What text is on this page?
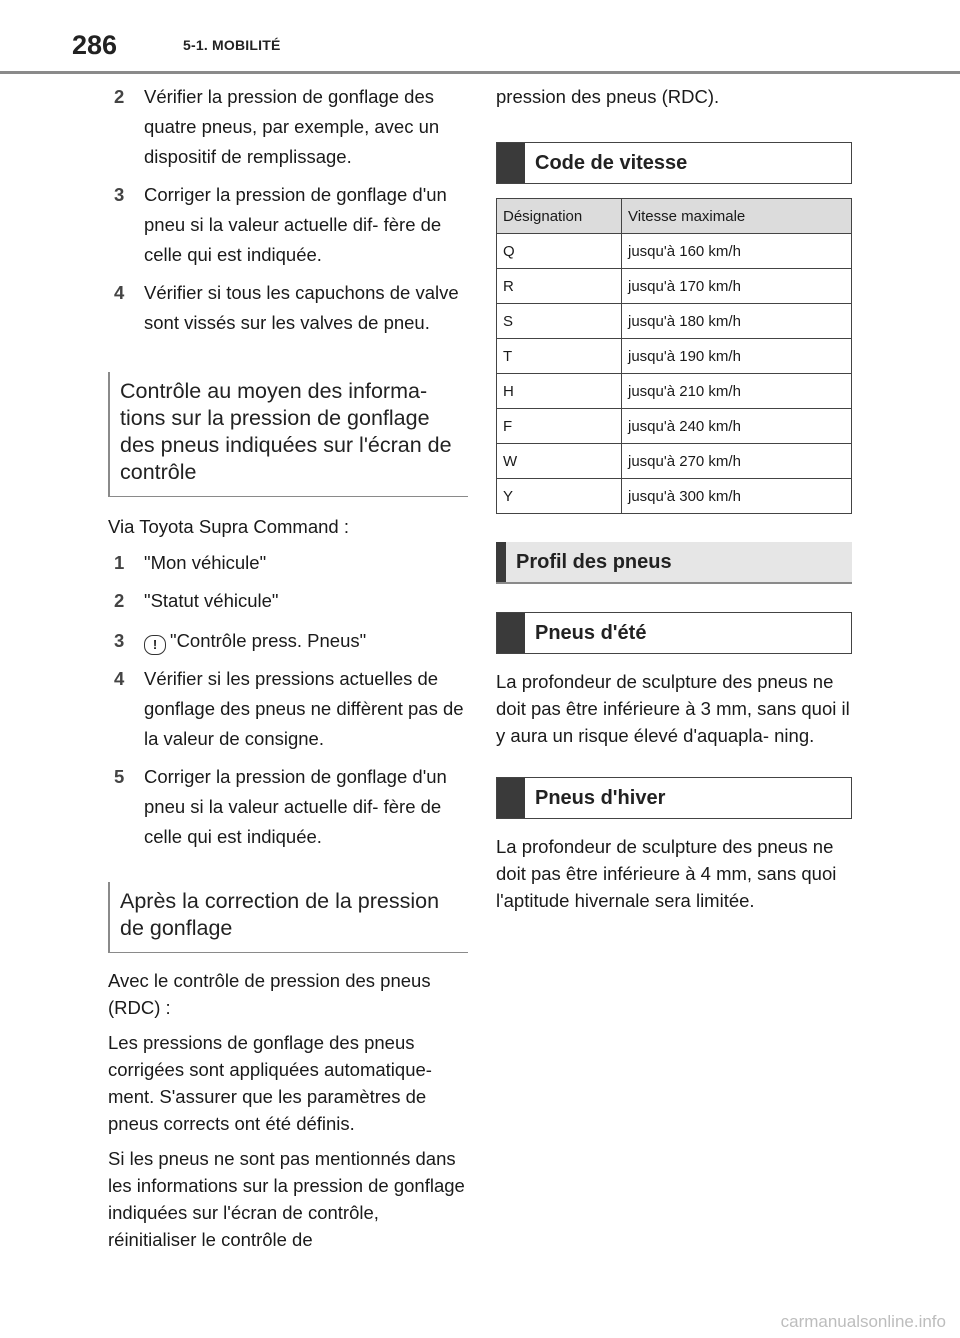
286	5-1. MOBILITÉ
2 Vérifier la pression de gonflage des quatre pneus, par exemple, avec un dispositif de remplissage.
3 Corriger la pression de gonflage d'un pneu si la valeur actuelle dif- fère de celle qui est indiquée.
4 Vérifier si tous les capuchons de valve sont vissés sur les valves de pneu.
Contrôle au moyen des informa- tions sur la pression de gonflage des pneus indiquées sur l'écran de contrôle
Via Toyota Supra Command :
1 "Mon véhicule"
2 "Statut véhicule"
3 ! "Contrôle press. Pneus"
4 Vérifier si les pressions actuelles de gonflage des pneus ne diffèrent pas de la valeur de consigne.
5 Corriger la pression de gonflage d'un pneu si la valeur actuelle dif- fère de celle qui est indiquée.
Après la correction de la pression de gonflage
Avec le contrôle de pression des pneus (RDC) :
Les pressions de gonflage des pneus corrigées sont appliquées automatique- ment. S'assurer que les paramètres de pneus corrects ont été définis.
Si les pneus ne sont pas mentionnés dans les informations sur la pression de gonflage indiquées sur l'écran de contrôle, réinitialiser le contrôle de
pression des pneus (RDC).
Code de vitesse
Désignation	Vitesse maximale
Q	jusqu'à 160 km/h
R	jusqu'à 170 km/h
S	jusqu'à 180 km/h
T	jusqu'à 190 km/h
H	jusqu'à 210 km/h
F	jusqu'à 240 km/h
W	jusqu'à 270 km/h
Y	jusqu'à 300 km/h
Profil des pneus
Pneus d'été
La profondeur de sculpture des pneus ne doit pas être inférieure à 3 mm, sans quoi il y aura un risque élevé d'aquapla- ning.
Pneus d'hiver
La profondeur de sculpture des pneus ne doit pas être inférieure à 4 mm, sans quoi l'aptitude hivernale sera limitée.
carmanualsonline.info
